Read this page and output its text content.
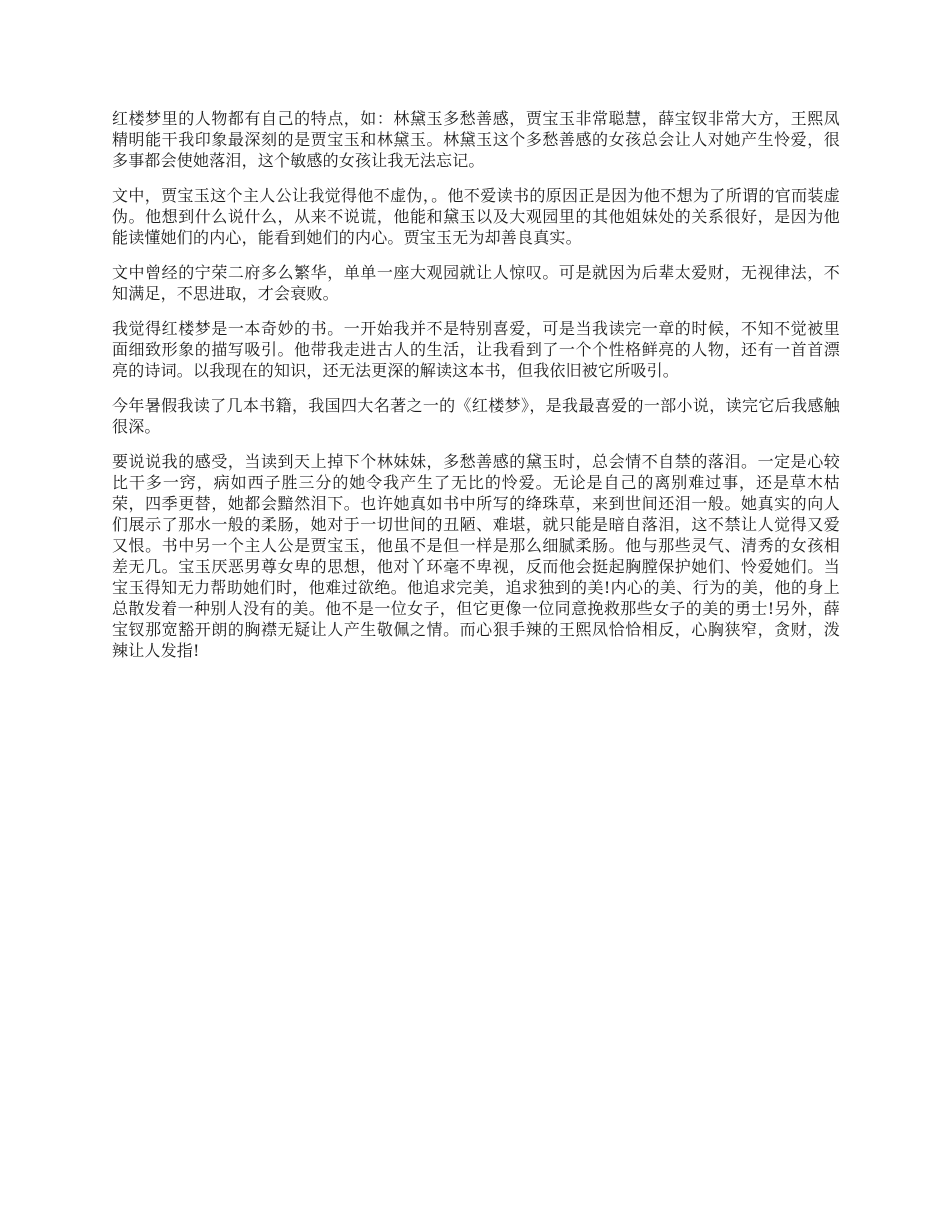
红楼梦里的人物都有自己的特点，如：林黛玉多愁善感，贾宝玉非常聪慧，薛宝钗非常大方，王熙凤精明能干我印象最深刻的是贾宝玉和林黛玉。林黛玉这个多愁善感的女孩总会让人对她产生怜爱，很多事都会使她落泪，这个敏感的女孩让我无法忘记。

文中，贾宝玉这个主人公让我觉得他不虚伪，。他不爱读书的原因正是因为他不想为了所谓的官而装虚伪。他想到什么说什么，从来不说谎，他能和黛玉以及大观园里的其他姐妹处的关系很好，是因为他能读懂她们的内心，能看到她们的内心。贾宝玉无为却善良真实。

文中曾经的宁荣二府多么繁华，单单一座大观园就让人惊叹。可是就因为后辈太爱财，无视律法，不知满足，不思进取，才会衰败。

我觉得红楼梦是一本奇妙的书。一开始我并不是特别喜爱，可是当我读完一章的时候，不知不觉被里面细致形象的描写吸引。他带我走进古人的生活，让我看到了一个个性格鲜亮的人物，还有一首首漂亮的诗词。以我现在的知识，还无法更深的解读这本书，但我依旧被它所吸引。

今年暑假我读了几本书籍，我国四大名著之一的《红楼梦》，是我最喜爱的一部小说，读完它后我感触很深。

要说说我的感受，当读到天上掉下个林妹妹，多愁善感的黛玉时，总会情不自禁的落泪。一定是心较比干多一窍，病如西子胜三分的她令我产生了无比的怜爱。无论是自己的离别难过事，还是草木枯荣，四季更替，她都会黯然泪下。也许她真如书中所写的绛珠草，来到世间还泪一般。她真实的向人们展示了那水一般的柔肠，她对于一切世间的丑陋、难堪，就只能是暗自落泪，这不禁让人觉得又爱又恨。书中另一个主人公是贾宝玉，他虽不是但一样是那么细腻柔肠。他与那些灵气、清秀的女孩相差无几。宝玉厌恶男尊女卑的思想，他对丫环毫不卑视，反而他会挺起胸膛保护她们、怜爱她们。当宝玉得知无力帮助她们时，他难过欲绝。他追求完美，追求独到的美!内心的美、行为的美，他的身上总散发着一种别人没有的美。他不是一位女子，但它更像一位同意挽救那些女子的美的勇士!另外，薛宝钗那宽豁开朗的胸襟无疑让人产生敬佩之情。而心狠手辣的王熙凤恰恰相反，心胸狭窄，贪财，泼辣让人发指!
